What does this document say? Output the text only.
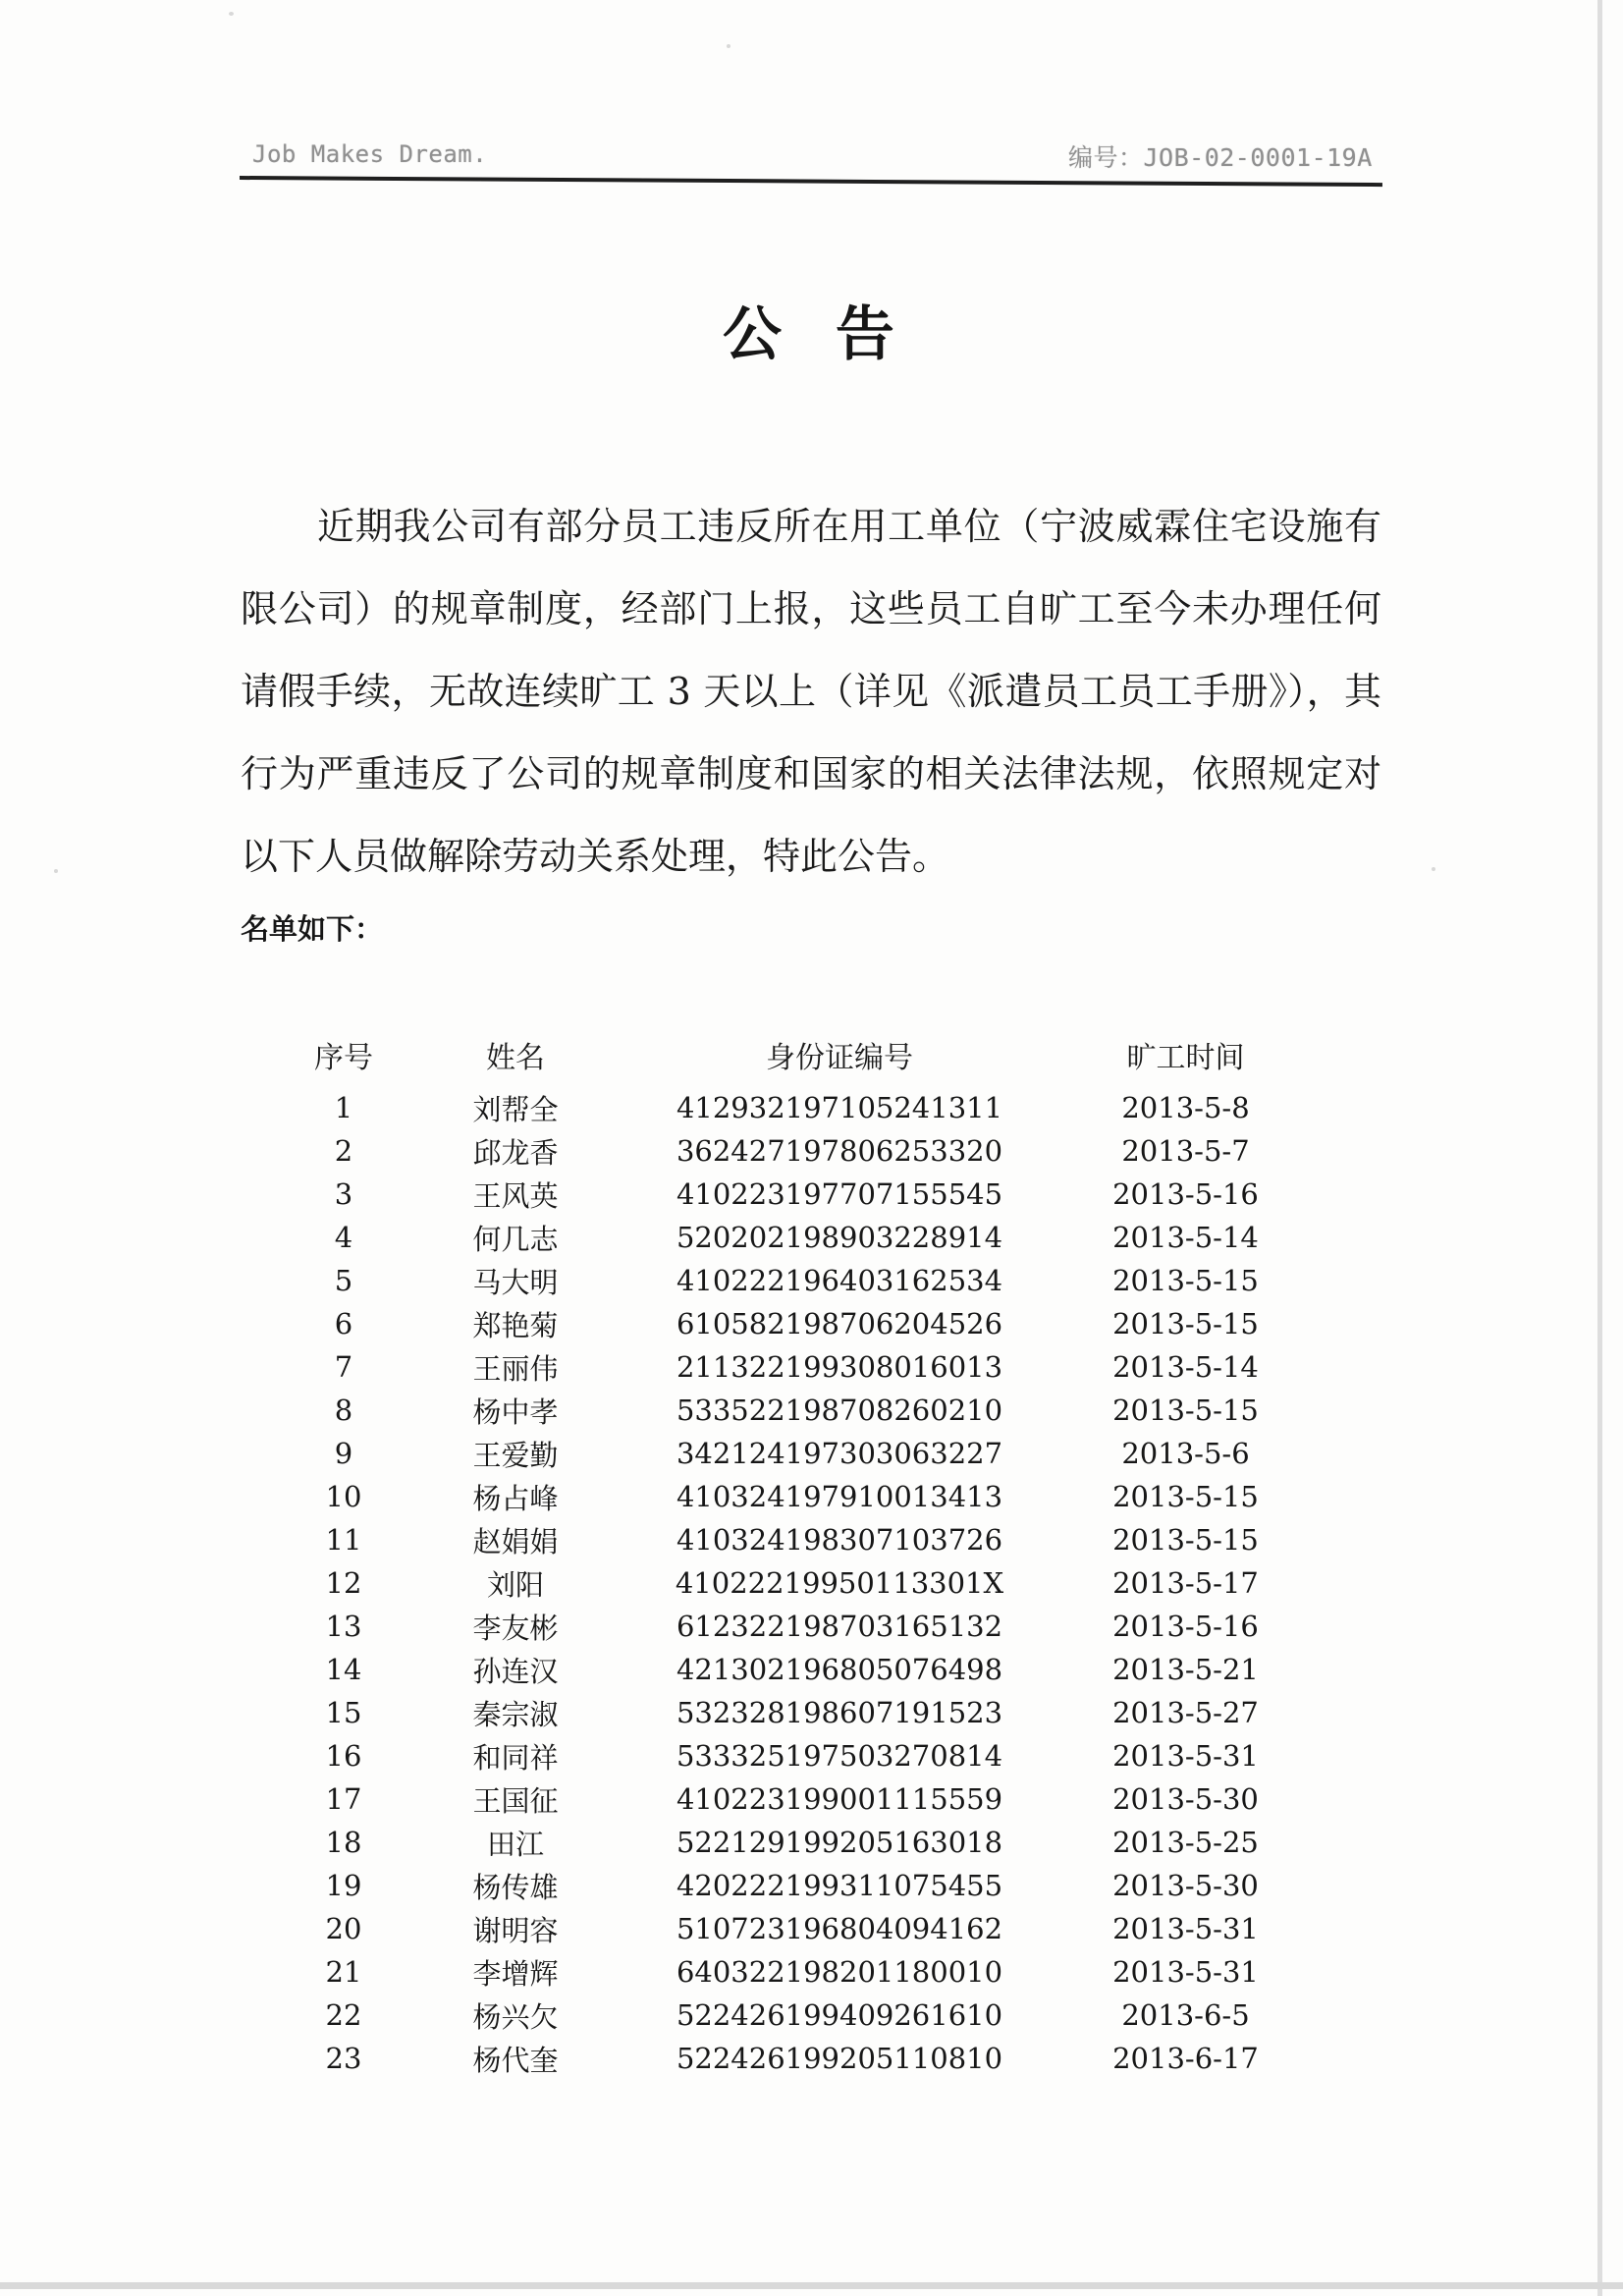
Job Makes Dream.	编号：JOB-02-0001-19A
公 告
近期我公司有部分员工违反所在用工单位（宁波威霖住宅设施有
限公司）的规章制度，经部门上报，这些员工自旷工至今未办理任何
请假手续，无故连续旷工 3 天以上（详见《派遣员工员工手册》），其
行为严重违反了公司的规章制度和国家的相关法律法规，依照规定对
以下人员做解除劳动关系处理，特此公告。
名单如下：
序号	姓名	身份证编号	旷工时间
1	刘帮全	412932197105241311	2013-5-8
2	邱龙香	362427197806253320	2013-5-7
3	王风英	410223197707155545	2013-5-16
4	何几志	520202198903228914	2013-5-14
5	马大明	410222196403162534	2013-5-15
6	郑艳菊	610582198706204526	2013-5-15
7	王丽伟	211322199308016013	2013-5-14
8	杨中孝	533522198708260210	2013-5-15
9	王爱勤	342124197303063227	2013-5-6
10	杨占峰	410324197910013413	2013-5-15
11	赵娟娟	410324198307103726	2013-5-15
12	刘阳	41022219950113301X	2013-5-17
13	李友彬	612322198703165132	2013-5-16
14	孙连汉	421302196805076498	2013-5-21
15	秦宗淑	532328198607191523	2013-5-27
16	和同祥	533325197503270814	2013-5-31
17	王国征	410223199001115559	2013-5-30
18	田江	522129199205163018	2013-5-25
19	杨传雄	420222199311075455	2013-5-30
20	谢明容	510723196804094162	2013-5-31
21	李增辉	640322198201180010	2013-5-31
22	杨兴欠	522426199409261610	2013-6-5
23	杨代奎	522426199205110810	2013-6-17
